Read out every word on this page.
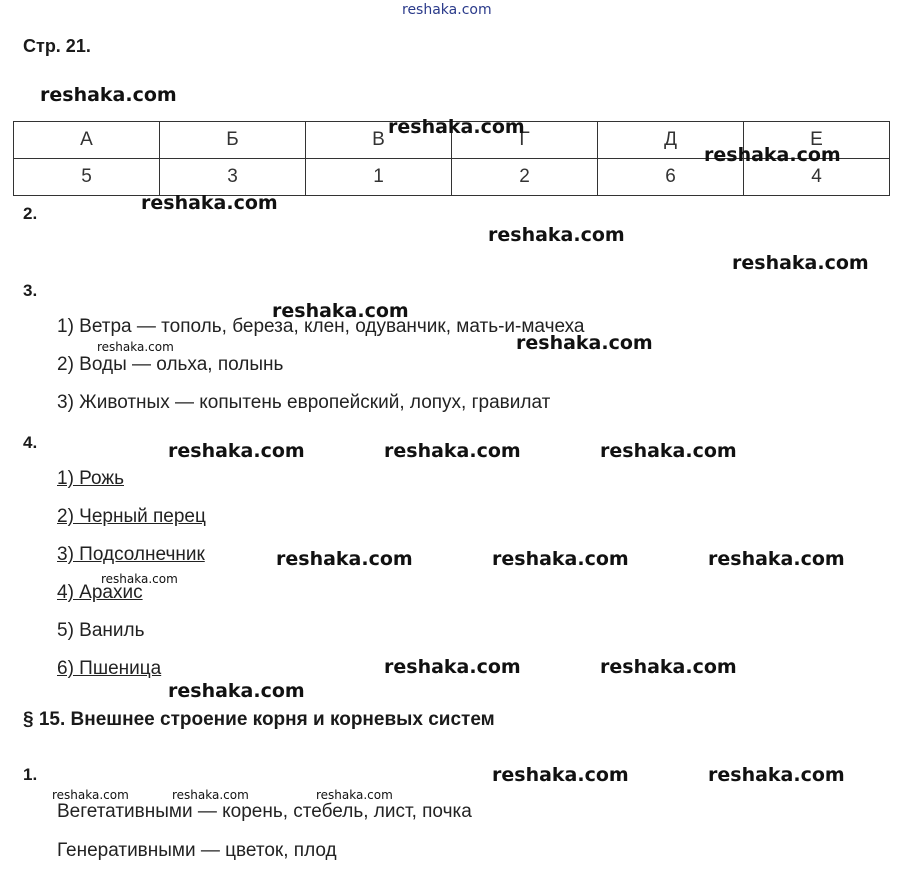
reshaka.com
Стр. 21.
reshaka.com
А	Б	В	Г	Д	Е
5	3	1	2	6	4
reshaka.com
reshaka.com
2.	reshaka.com
reshaka.com
reshaka.com
3.
reshaka.com
1) Ветра — тополь, береза, клен, одуванчик, мать-и-мачеха
reshaka.com
reshaka.com
2) Воды — ольха, полынь
3) Животных — копытень европейский, лопух, гравилат
4.	reshaka.com	reshaka.com	reshaka.com
1) Рожь
2) Черный перец
3) Подсолнечник	reshaka.com	reshaka.com	reshaka.com
reshaka.com
4) Арахис
5) Ваниль
6) Пшеница	reshaka.com	reshaka.com
reshaka.com
§ 15. Внешнее строение корня и корневых систем
1.	reshaka.com	reshaka.com
reshaka.com	reshaka.com	reshaka.com
Вегетативными — корень, стебель, лист, почка
Генеративными — цветок, плод
